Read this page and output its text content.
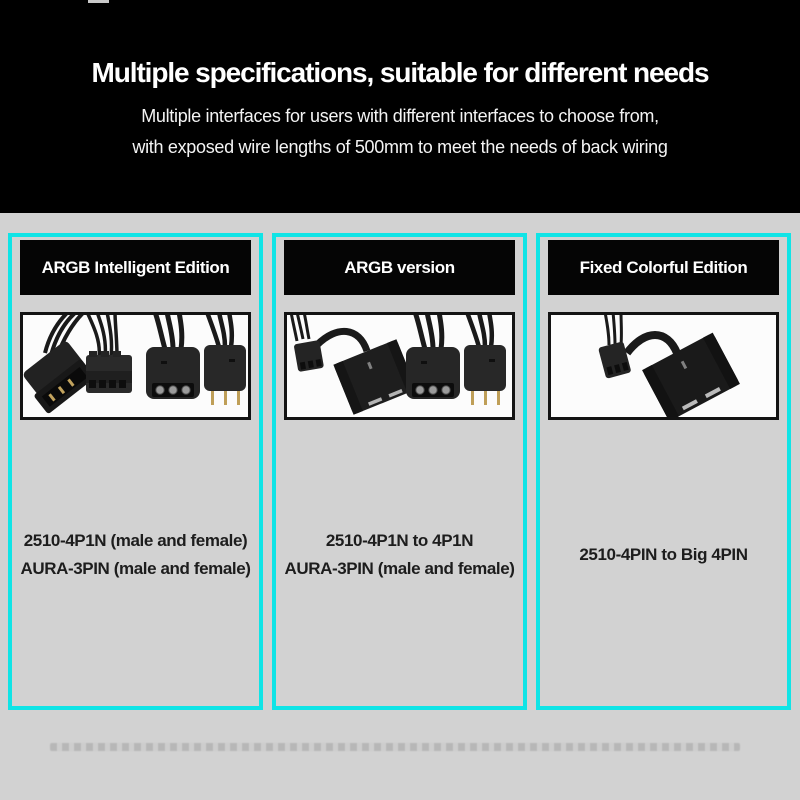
Multiple specifications, suitable for different needs

Multiple interfaces for users with different interfaces to choose from,

with exposed wire lengths of 500mm to meet the needs of back wiring

ARGB Intelligent Edition
2510-4P1N (male and female)
AURA-3PIN (male and female)
ARGB version
2510-4P1N to 4P1N
AURA-3PIN (male and female)
Fixed Colorful Edition
2510-4PIN to Big 4PIN
